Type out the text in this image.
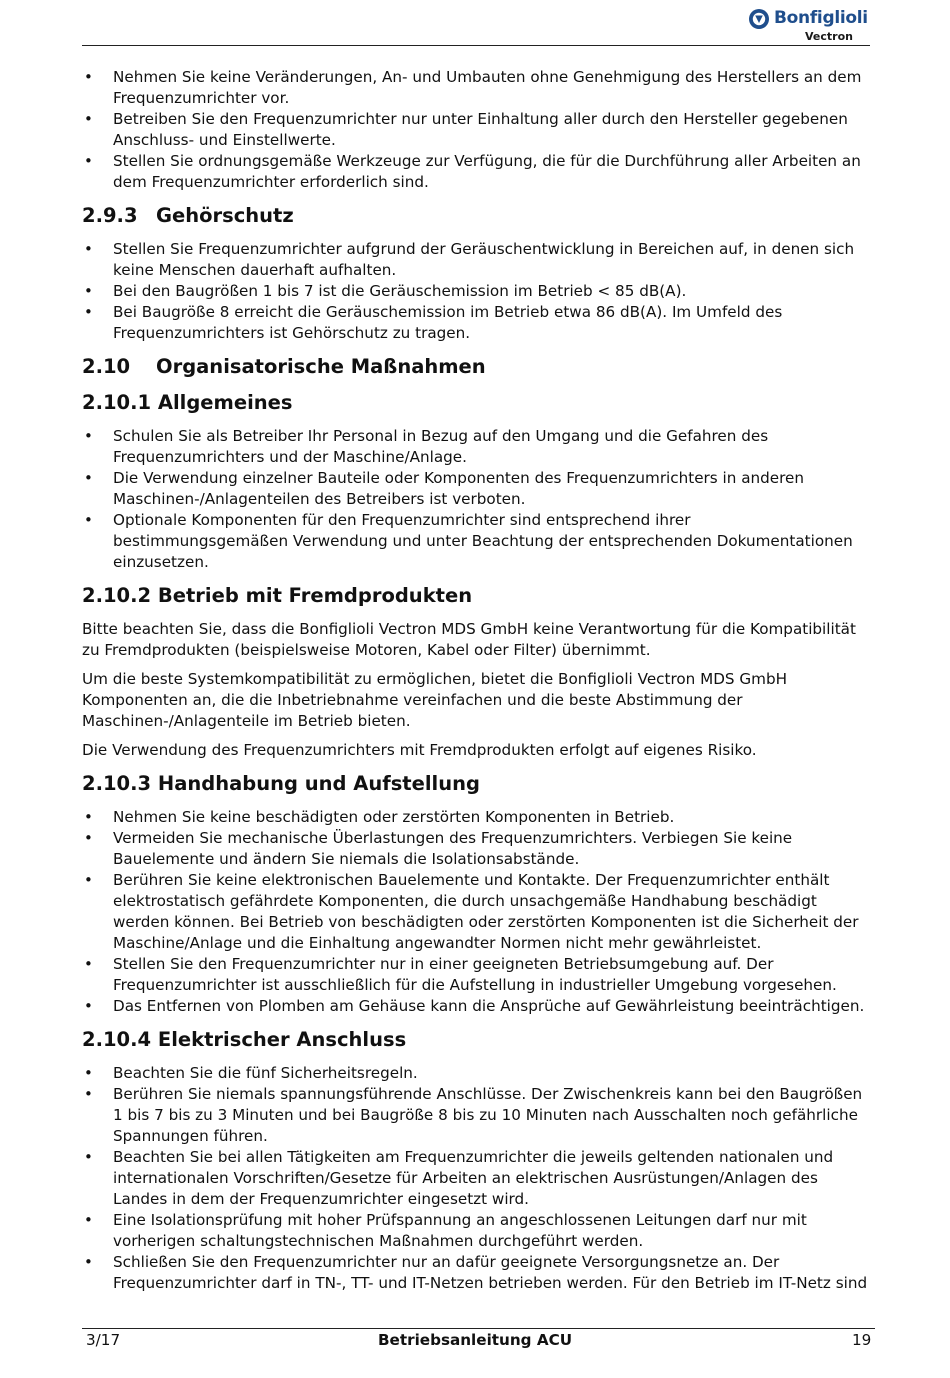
Bonfiglioli
Vectron
• Nehmen Sie keine Veränderungen, An- und Umbauten ohne Genehmigung des Herstellers an dem Frequenzumrichter vor.
• Betreiben Sie den Frequenzumrichter nur unter Einhaltung aller durch den Hersteller gegebenen Anschluss- und Einstellwerte.
• Stellen Sie ordnungsgemäße Werkzeuge zur Verfügung, die für die Durchführung aller Arbeiten an dem Frequenzumrichter erforderlich sind.
2.9.3 Gehörschutz
• Stellen Sie Frequenzumrichter aufgrund der Geräuschentwicklung in Bereichen auf, in denen sich keine Menschen dauerhaft aufhalten.
• Bei den Baugrößen 1 bis 7 ist die Geräuschemission im Betrieb < 85 dB(A).
• Bei Baugröße 8 erreicht die Geräuschemission im Betrieb etwa 86 dB(A). Im Umfeld des Frequenzumrichters ist Gehörschutz zu tragen.
2.10 Organisatorische Maßnahmen
2.10.1 Allgemeines
• Schulen Sie als Betreiber Ihr Personal in Bezug auf den Umgang und die Gefahren des Frequenzumrichters und der Maschine/Anlage.
• Die Verwendung einzelner Bauteile oder Komponenten des Frequenzumrichters in anderen Maschinen-/Anlagenteilen des Betreibers ist verboten.
• Optionale Komponenten für den Frequenzumrichter sind entsprechend ihrer bestimmungsgemäßen Verwendung und unter Beachtung der entsprechenden Dokumentationen einzusetzen.
2.10.2 Betrieb mit Fremdprodukten

Bitte beachten Sie, dass die Bonfiglioli Vectron MDS GmbH keine Verantwortung für die Kompatibilität zu Fremdprodukten (beispielsweise Motoren, Kabel oder Filter) übernimmt.

Um die beste Systemkompatibilität zu ermöglichen, bietet die Bonfiglioli Vectron MDS GmbH Komponenten an, die die Inbetriebnahme vereinfachen und die beste Abstimmung der Maschinen-/Anlagenteile im Betrieb bieten.

Die Verwendung des Frequenzumrichters mit Fremdprodukten erfolgt auf eigenes Risiko.

2.10.3 Handhabung und Aufstellung
• Nehmen Sie keine beschädigten oder zerstörten Komponenten in Betrieb.
• Vermeiden Sie mechanische Überlastungen des Frequenzumrichters. Verbiegen Sie keine Bauelemente und ändern Sie niemals die Isolationsabstände.
• Berühren Sie keine elektronischen Bauelemente und Kontakte. Der Frequenzumrichter enthält elektrostatisch gefährdete Komponenten, die durch unsachgemäße Handhabung beschädigt werden können. Bei Betrieb von beschädigten oder zerstörten Komponenten ist die Sicherheit der Maschine/Anlage und die Einhaltung angewandter Normen nicht mehr gewährleistet.
• Stellen Sie den Frequenzumrichter nur in einer geeigneten Betriebsumgebung auf. Der Frequenzumrichter ist ausschließlich für die Aufstellung in industrieller Umgebung vorgesehen.
• Das Entfernen von Plomben am Gehäuse kann die Ansprüche auf Gewährleistung beeinträchtigen.
2.10.4 Elektrischer Anschluss
• Beachten Sie die fünf Sicherheitsregeln.
• Berühren Sie niemals spannungsführende Anschlüsse. Der Zwischenkreis kann bei den Baugrößen 1 bis 7 bis zu 3 Minuten und bei Baugröße 8 bis zu 10 Minuten nach Ausschalten noch gefährliche Spannungen führen.
• Beachten Sie bei allen Tätigkeiten am Frequenzumrichter die jeweils geltenden nationalen und internationalen Vorschriften/Gesetze für Arbeiten an elektrischen Ausrüstungen/Anlagen des Landes in dem der Frequenzumrichter eingesetzt wird.
• Eine Isolationsprüfung mit hoher Prüfspannung an angeschlossenen Leitungen darf nur mit vorherigen schaltungstechnischen Maßnahmen durchgeführt werden.
• Schließen Sie den Frequenzumrichter nur an dafür geeignete Versorgungsnetze an. Der Frequenzumrichter darf in TN-, TT- und IT-Netzen betrieben werden. Für den Betrieb im IT-Netz sind
3/17	Betriebsanleitung ACU	19
